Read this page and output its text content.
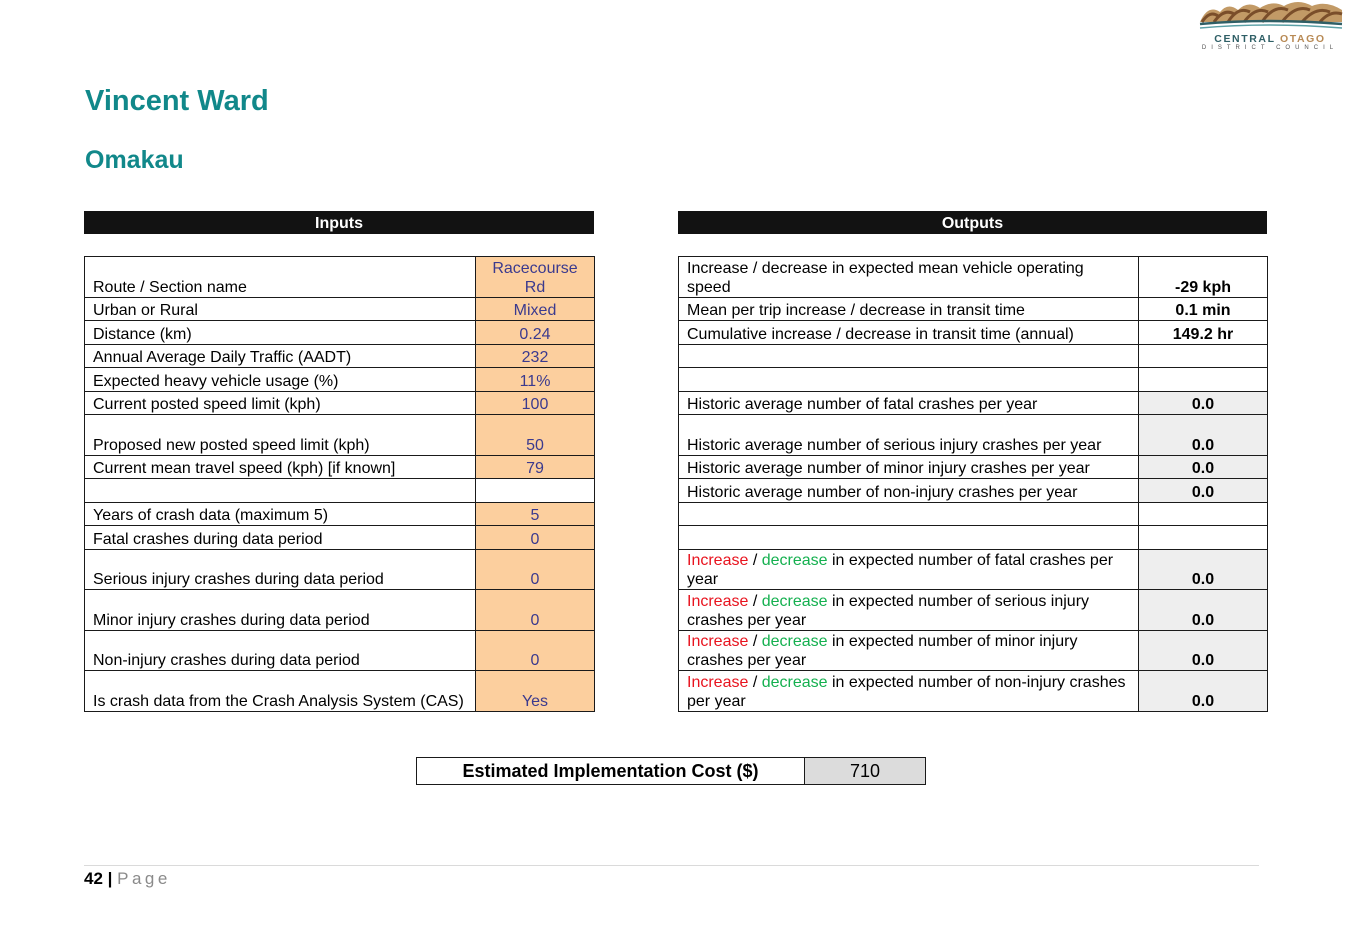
CENTRAL OTAGO
DISTRICT COUNCIL
Vincent Ward
Omakau
Inputs	Outputs
Route / Section name	Racecourse Rd
Urban or Rural	Mixed
Distance (km)	0.24
Annual Average Daily Traffic (AADT)	232
Expected heavy vehicle usage (%)	11%
Current posted speed limit (kph)	100
Proposed new posted speed limit (kph)	50
Current mean travel speed (kph) [if known]	79

Years of crash data (maximum 5)	5
Fatal crashes during data period	0
Serious injury crashes during data period	0
Minor injury crashes during data period	0
Non-injury crashes during data period	0
Is crash data from the Crash Analysis System (CAS)	Yes
Increase / decrease in expected mean vehicle operating speed	-29 kph
Mean per trip increase / decrease in transit time	0.1 min
Cumulative increase / decrease in transit time (annual)	149.2 hr

Historic average number of fatal crashes per year	0.0
Historic average number of serious injury crashes per year	0.0
Historic average number of minor injury crashes per year	0.0
Historic average number of non-injury crashes per year	0.0

Increase / decrease in expected number of fatal crashes per year	0.0
Increase / decrease in expected number of serious injury crashes per year	0.0
Increase / decrease in expected number of minor injury crashes per year	0.0
Increase / decrease in expected number of non-injury crashes per year	0.0
Estimated Implementation Cost ($)	710
42 | Page
